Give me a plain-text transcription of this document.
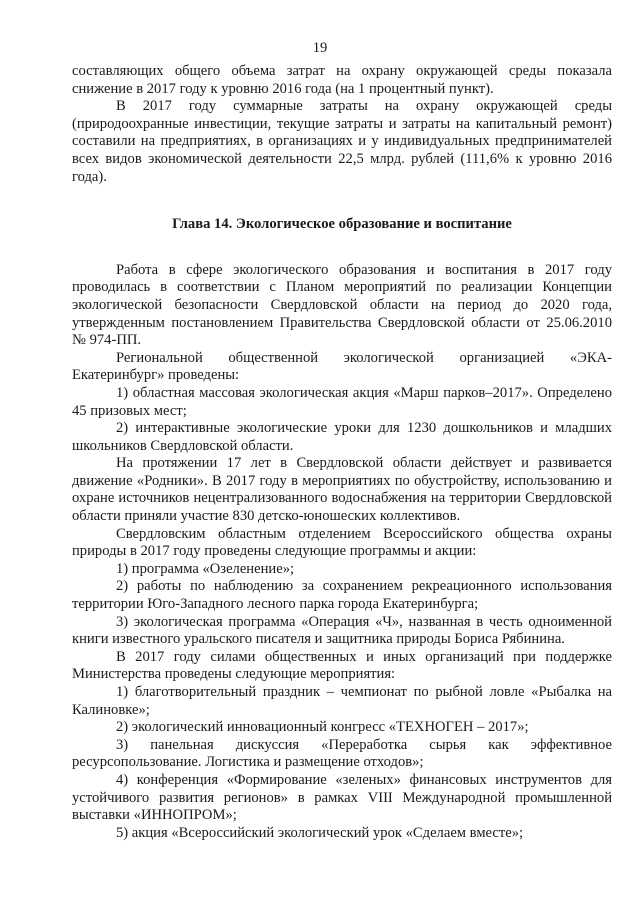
19

составляющих общего объема затрат на охрану окружающей среды показала снижение в 2017 году к уровню 2016 года (на 1 процентный пункт).

В 2017 году суммарные затраты на охрану окружающей среды (природоохранные инвестиции, текущие затраты и затраты на капитальный ремонт) составили на предприятиях, в организациях и у индивидуальных предпринимателей всех видов экономической деятельности 22,5 млрд. рублей (111,6% к уровню 2016 года).

Глава 14. Экологическое образование и воспитание

Работа в сфере экологического образования и воспитания в 2017 году проводилась в соответствии с Планом мероприятий по реализации Концепции экологической безопасности Свердловской области на период до 2020 года, утвержденным постановлением Правительства Свердловской области от 25.06.2010 № 974-ПП.

Региональной общественной экологической организацией «ЭКА-Екатеринбург» проведены:

1) областная массовая экологическая акция «Марш парков–2017». Определено 45 призовых мест;

2) интерактивные экологические уроки для 1230 дошкольников и младших школьников Свердловской области.

На протяжении 17 лет в Свердловской области действует и развивается движение «Родники». В 2017 году в мероприятиях по обустройству, использованию и охране источников нецентрализованного водоснабжения на территории Свердловской области приняли участие 830 детско-юношеских коллективов.

Свердловским областным отделением Всероссийского общества охраны природы в 2017 году проведены следующие программы и акции:

1) программа «Озеленение»;

2) работы по наблюдению за сохранением рекреационного использования территории Юго-Западного лесного парка города Екатеринбурга;

3) экологическая программа «Операция «Ч», названная в честь одноименной книги известного уральского писателя и защитника природы Бориса Рябинина.

В 2017 году силами общественных и иных организаций при поддержке Министерства проведены следующие мероприятия:

1) благотворительный праздник – чемпионат по рыбной ловле «Рыбалка на Калиновке»;

2) экологический инновационный конгресс «ТЕХНОГЕН – 2017»;

3) панельная дискуссия «Переработка сырья как эффективное ресурсопользование. Логистика и размещение отходов»;

4) конференция «Формирование «зеленых» финансовых инструментов для устойчивого развития регионов» в рамках VIII Международной промышленной выставки «ИННОПРОМ»;

5) акция «Всероссийский экологический урок «Сделаем вместе»;
